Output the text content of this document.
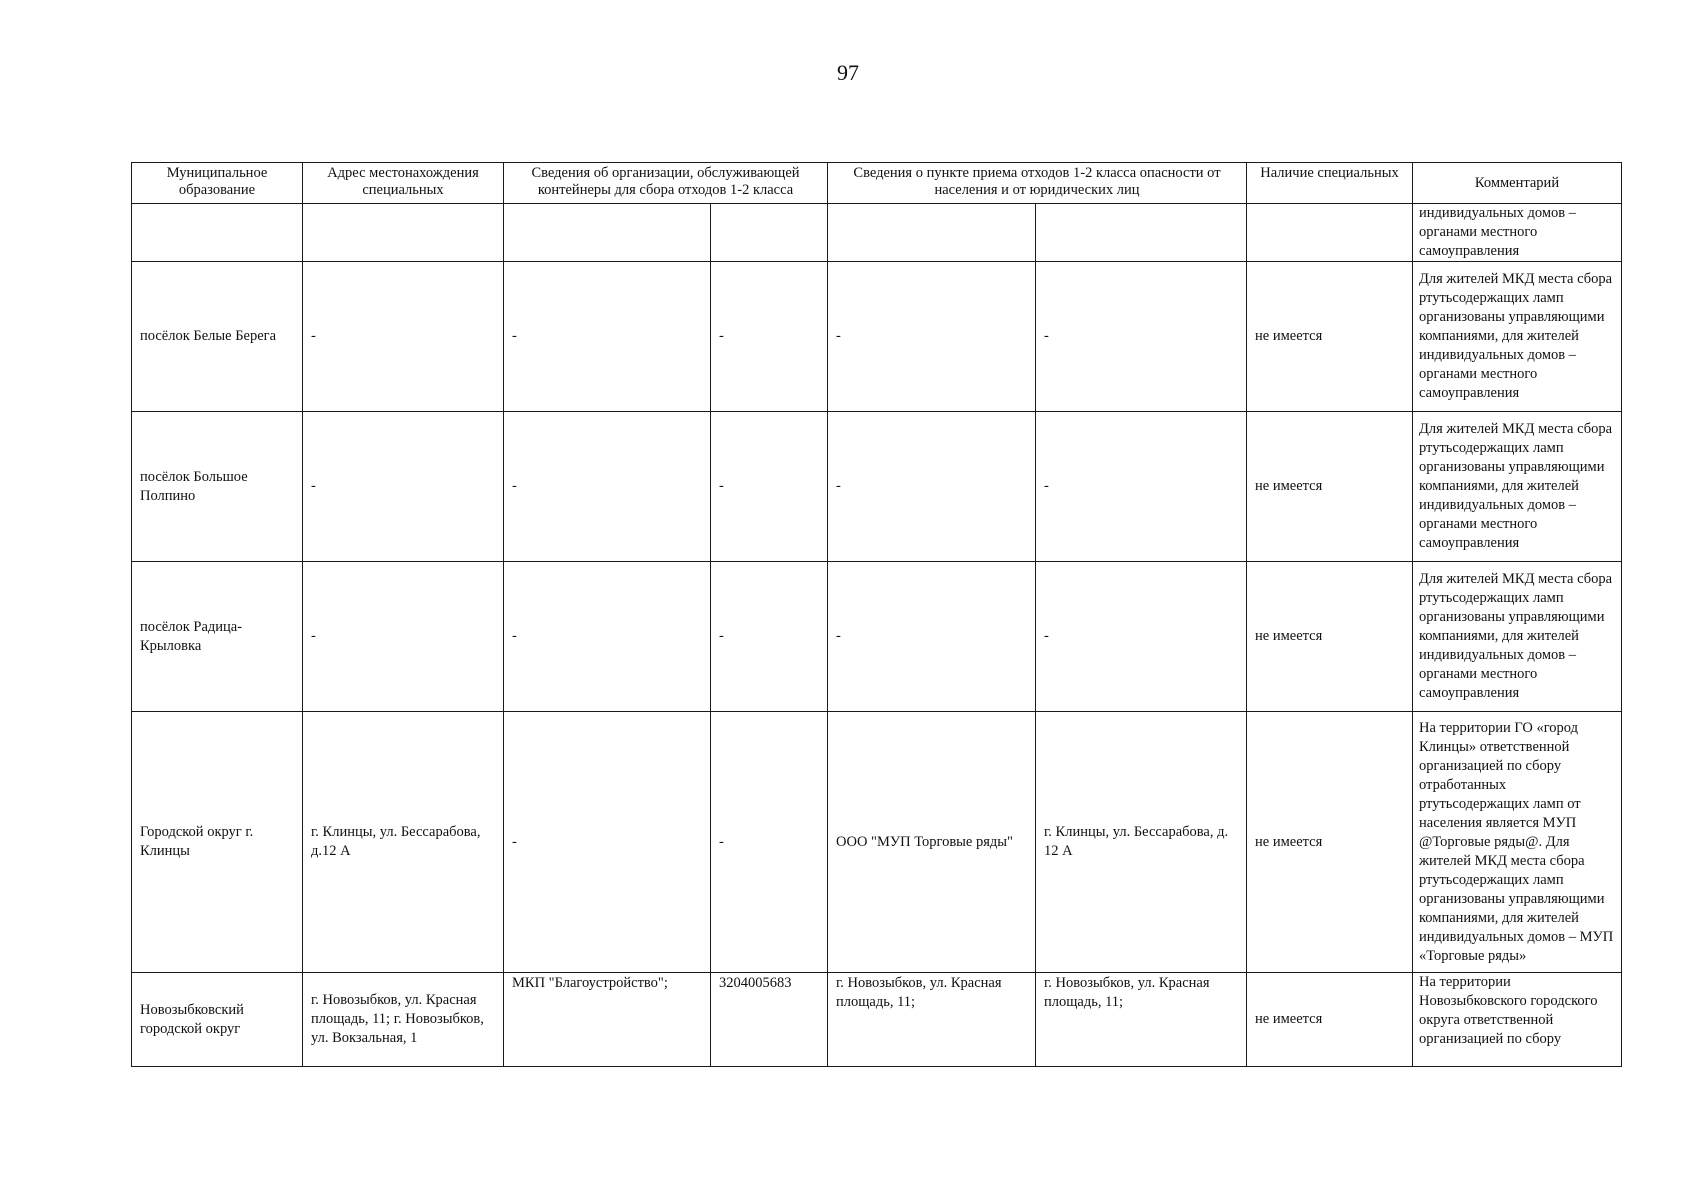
97
Муниципальное образование	Адрес местонахождения специальных	Сведения об организации, обслуживающей контейнеры для сбора отходов 1-2 класса		Сведения о пункте приема отходов 1-2 класса опасности от населения и от юридических лиц		Наличие специальных	Комментарий
							индивидуальных домов – органами местного самоуправления
посёлок Белые Берега	-	-	-	-	-	не имеется	Для жителей МКД места сбора ртутьсодержащих ламп организованы управляющими компаниями, для жителей индивидуальных домов – органами местного самоуправления
посёлок Большое Полпино	-	-	-	-	-	не имеется	Для жителей МКД места сбора ртутьсодержащих ламп организованы управляющими компаниями, для жителей индивидуальных домов – органами местного самоуправления
посёлок Радица-Крыловка	-	-	-	-	-	не имеется	Для жителей МКД места сбора ртутьсодержащих ламп организованы управляющими компаниями, для жителей индивидуальных домов – органами местного самоуправления
Городской округ г. Клинцы	г. Клинцы, ул. Бессарабова, д.12 А	-	-	ООО "МУП Торговые ряды"	г. Клинцы, ул. Бессарабова, д. 12 А	не имеется	На территории ГО «город Клинцы» ответственной организацией по сбору отработанных ртутьсодержащих ламп от населения является МУП @Торговые ряды@. Для жителей МКД места сбора ртутьсодержащих ламп организованы управляющими компаниями, для жителей индивидуальных домов – МУП «Торговые ряды»
Новозыбковский городской округ	г. Новозыбков, ул. Красная площадь, 11; г. Новозыбков, ул. Вокзальная, 1	МКП "Благоустройство";	3204005683	г. Новозыбков, ул. Красная площадь, 11;	г. Новозыбков, ул. Красная площадь, 11;	не имеется	На территории Новозыбковского городского округа ответственной организацией по сбору
